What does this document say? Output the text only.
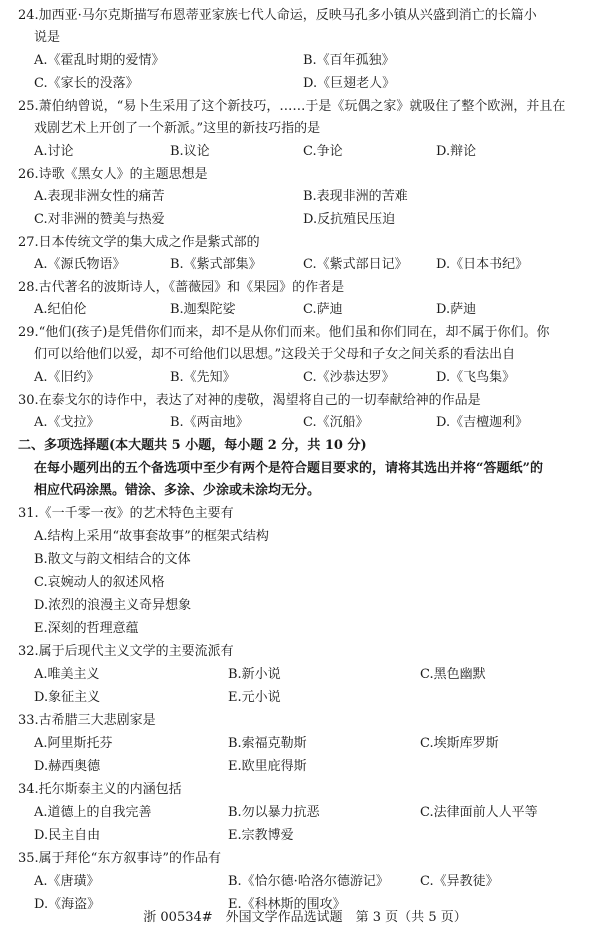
24.加西亚·马尔克斯描写布恩蒂亚家族七代人命运，反映马孔多小镇从兴盛到消亡的长篇小
说是
A.《霍乱时期的爱情》	B.《百年孤独》
C.《家长的没落》	D.《巨翅老人》
25.萧伯纳曾说，“易卜生采用了这个新技巧，……于是《玩偶之家》就吸住了整个欧洲，并且在
戏剧艺术上开创了一个新派。”这里的新技巧指的是
A.讨论	B.议论	C.争论	D.辩论
26.诗歌《黑女人》的主题思想是
A.表现非洲女性的痛苦	B.表现非洲的苦难
C.对非洲的赞美与热爱	D.反抗殖民压迫
27.日本传统文学的集大成之作是紫式部的
A.《源氏物语》	B.《紫式部集》	C.《紫式部日记》 D.《日本书纪》
28.古代著名的波斯诗人，《蔷薇园》和《果园》的作者是
A.纪伯伦	B.迦梨陀娑	C.萨迪	D.萨迪
29.“他们(孩子)是凭借你们而来，却不是从你们而来。他们虽和你们同在，却不属于你们。你
们可以给他们以爱，却不可给他们以思想。”这段关于父母和子女之间关系的看法出自
A.《旧约》	B.《先知》	C.《沙恭达罗》	D.《飞鸟集》
30.在泰戈尔的诗作中，表达了对神的虔敬，渴望将自己的一切奉献给神的作品是
A.《戈拉》	B.《两亩地》	C.《沉船》	D.《吉檀迦利》
二、多项选择题(本大题共 5 小题，每小题 2 分，共 10 分)
在每小题列出的五个备选项中至少有两个是符合题目要求的，请将其选出并将“答题纸”的
相应代码涂黑。错涂、多涂、少涂或未涂均无分。
31.《一千零一夜》的艺术特色主要有
A.结构上采用“故事套故事”的框架式结构
B.散文与韵文相结合的文体
C.哀婉动人的叙述风格
D.浓烈的浪漫主义奇异想象
E.深刻的哲理意蕴
32.属于后现代主义文学的主要流派有
A.唯美主义	B.新小说	C.黑色幽默
D.象征主义	E.元小说
33.古希腊三大悲剧家是
A.阿里斯托芬	B.索福克勒斯	C.埃斯库罗斯
D.赫西奥德	E.欧里庇得斯
34.托尔斯泰主义的内涵包括
A.道德上的自我完善	B.勿以暴力抗恶	C.法律面前人人平等
D.民主自由	E.宗教博爱
35.属于拜伦“东方叙事诗”的作品有
A.《唐璜》	B.《恰尔德·哈洛尔德游记》 C.《异教徒》
D.《海盗》	E.《科林斯的围攻》
浙 00534#　外国文学作品选试题　第 3 页（共 5 页）
